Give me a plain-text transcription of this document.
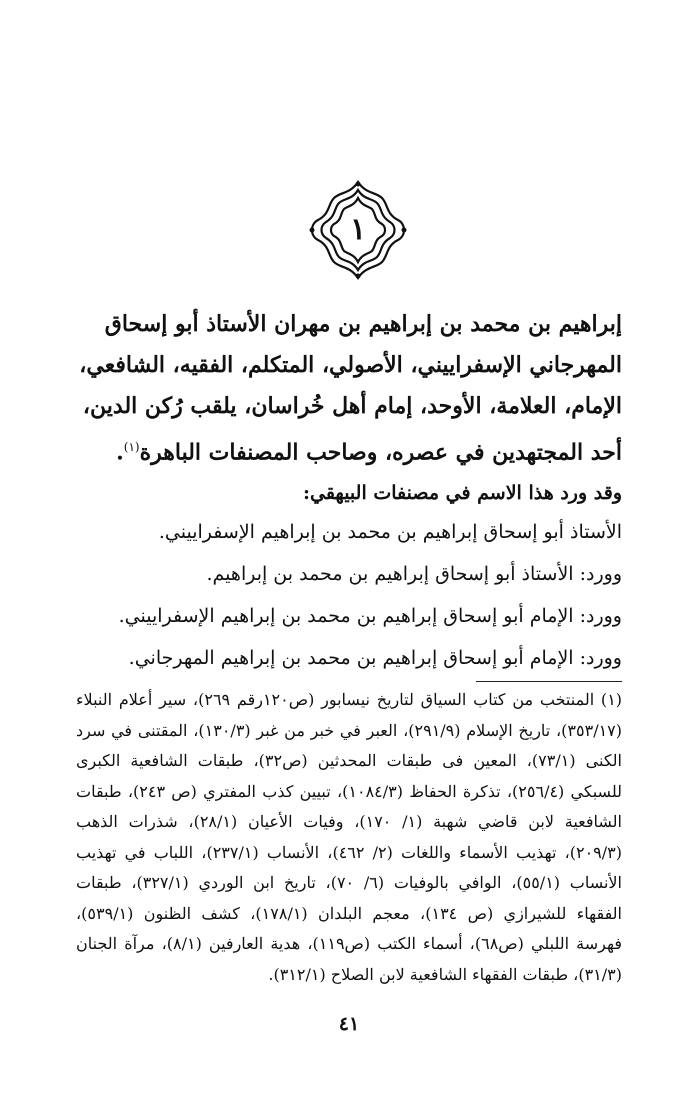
١

إبراهيم بن محمد بن إبراهيم بن مهران الأستاذ أبو إسحاق

المهرجاني الإسفراييني، الأصولي، المتكلم، الفقيه، الشافعي،

الإمام، العلامة، الأوحد، إمام أهل خُراسان، يلقب رُكن الدين،

أحد المجتهدين في عصره، وصاحب المصنفات الباهرة$^{(١)}$.

وقد ورد هذا الاسم في مصنفات البيهقي:

الأستاذ أبو إسحاق إبراهيم بن محمد بن إبراهيم الإسفراييني.

وورد: الأستاذ أبو إسحاق إبراهيم بن محمد بن إبراهيم.

وورد: الإمام أبو إسحاق إبراهيم بن محمد بن إبراهيم الإسفراييني.

وورد: الإمام أبو إسحاق إبراهيم بن محمد بن إبراهيم المهرجاني.

(١) المنتخب من كتاب السياق لتاريخ نيسابور (ص١٢٠رقم ٢٦٩)، سير أعلام النبلاء (٣٥٣/١٧)، تاريخ الإسلام (٢٩١/٩)، العبر في خبر من غبر (١٣٠/٣)، المقتنى في سرد الكنى (٧٣/١)، المعين فى طبقات المحدثين (ص٣٢)، طبقات الشافعية الكبرى للسبكي (٢٥٦/٤)، تذكرة الحفاظ (١٠٨٤/٣)، تبيين كذب المفتري (ص ٢٤٣)، طبقات الشافعية لابن قاضي شهبة (١/ ١٧٠)، وفيات الأعيان (٢٨/١)، شذرات الذهب (٢٠٩/٣)، تهذيب الأسماء واللغات (٢/ ٤٦٢)، الأنساب (٢٣٧/١)، اللباب في تهذيب الأنساب (٥٥/١)، الوافي بالوفيات (٦/ ٧٠)، تاريخ ابن الوردي (٣٢٧/١)، طبقات الفقهاء للشيرازي (ص ١٣٤)، معجم البلدان (١٧٨/١)، كشف الظنون (٥٣٩/١)، فهرسة اللبلي (ص٦٨)، أسماء الكتب (ص١١٩)، هدية العارفين (٨/١)، مرآة الجنان (٣١/٣)، طبقات الفقهاء الشافعية لابن الصلاح (٣١٢/١).

٤١
